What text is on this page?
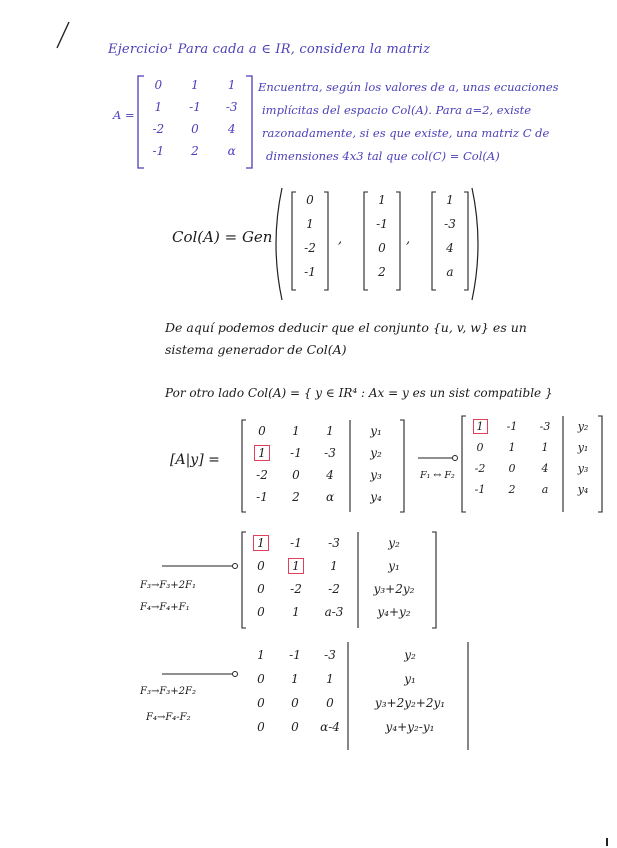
Ejercicio¹ Para cada a ∈ IR, considera la matriz
A =
0	1	1
1	-1	-3
-2	0	4
-1	2	α
Encuentra, según los valores de a, unas ecuaciones
implícitas del espacio Col(A). Para a=2, existe
razonadamente, si es que existe, una matriz C de
dimensiones 4x3 tal que col(C) = Col(A)
Col(A) = Gen
0
1
-2
-1
,
1
-1
0
2
,
1
-3
4
a
De aquí podemos deducir que el conjunto {u, v, w} es un
sistema generador de Col(A)
Por otro lado Col(A) = { y ∈ IR⁴ : Ax = y es un sist compatible }
[A|y] =
0	1	1	y₁
1	-1	-3	y₂
-2	0	4	y₃
-1	2	α	y₄
F₁ ↔ F₂
1	-1	-3	y₂
0	1	1	y₁
-2	0	4	y₃
-1	2	a	y₄
F₃→F₃+2F₁
F₄→F₄+F₁
1	-1	-3	y₂
0	1	1	y₁
0	-2	-2	y₃+2y₂
0	1	a-3	y₄+y₂
F₃→F₃+2F₂
F₄→F₄-F₂
1	-1	-3	y₂
0	1	1	y₁
0	0	0	y₃+2y₂+2y₁
0	0	α-4	y₄+y₂-y₁
